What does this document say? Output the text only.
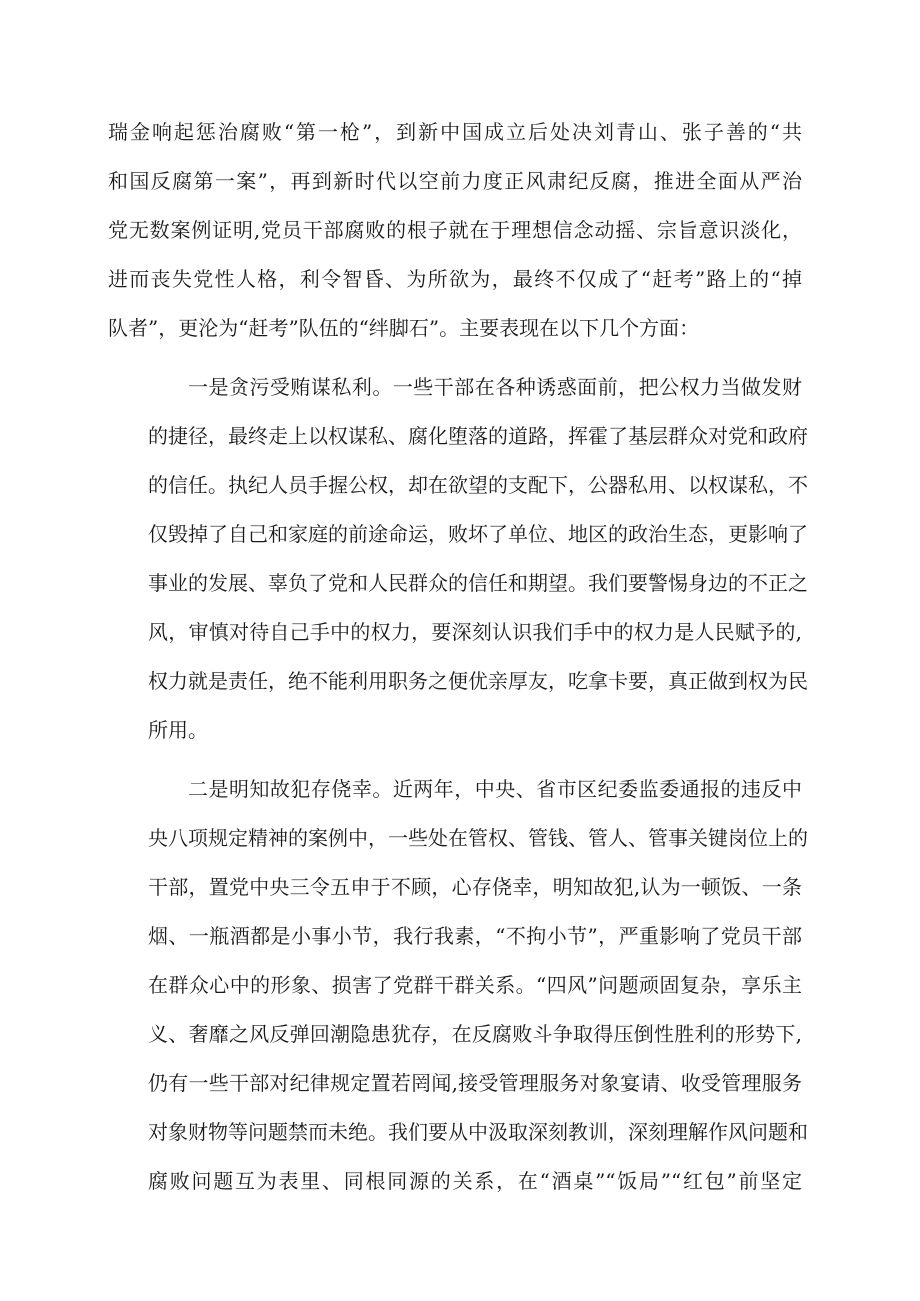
瑞金响起惩治腐败“第一枪”，到新中国成立后处决刘青山、张子善的“共
和国反腐第一案”，再到新时代以空前力度正风肃纪反腐，推进全面从严治
党无数案例证明,党员干部腐败的根子就在于理想信念动摇、宗旨意识淡化，
进而丧失党性人格，利令智昏、为所欲为，最终不仅成了“赶考”路上的“掉
队者”，更沦为“赶考”队伍的“绊脚石”。主要表现在以下几个方面：

一是贪污受贿谋私利。一些干部在各种诱惑面前，把公权力当做发财
的捷径，最终走上以权谋私、腐化堕落的道路，挥霍了基层群众对党和政府
的信任。执纪人员手握公权，却在欲望的支配下，公器私用、以权谋私，不
仅毁掉了自己和家庭的前途命运，败坏了单位、地区的政治生态，更影响了
事业的发展、辜负了党和人民群众的信任和期望。我们要警惕身边的不正之
风，审慎对待自己手中的权力，要深刻认识我们手中的权力是人民赋予的,
权力就是责任，绝不能利用职务之便优亲厚友，吃拿卡要，真正做到权为民
所用。

二是明知故犯存侥幸。近两年，中央、省市区纪委监委通报的违反中
央八项规定精神的案例中，一些处在管权、管钱、管人、管事关键岗位上的
干部，置党中央三令五申于不顾，心存侥幸，明知故犯,认为一顿饭、一条
烟、一瓶酒都是小事小节，我行我素，“不拘小节”，严重影响了党员干部
在群众心中的形象、损害了党群干群关系。“四风”问题顽固复杂，享乐主
义、奢靡之风反弹回潮隐患犹存，在反腐败斗争取得压倒性胜利的形势下,
仍有一些干部对纪律规定置若罔闻,接受管理服务对象宴请、收受管理服务
对象财物等问题禁而未绝。我们要从中汲取深刻教训，深刻理解作风问题和
腐败问题互为表里、同根同源的关系，在“酒桌”“饭局”“红包”前坚定
